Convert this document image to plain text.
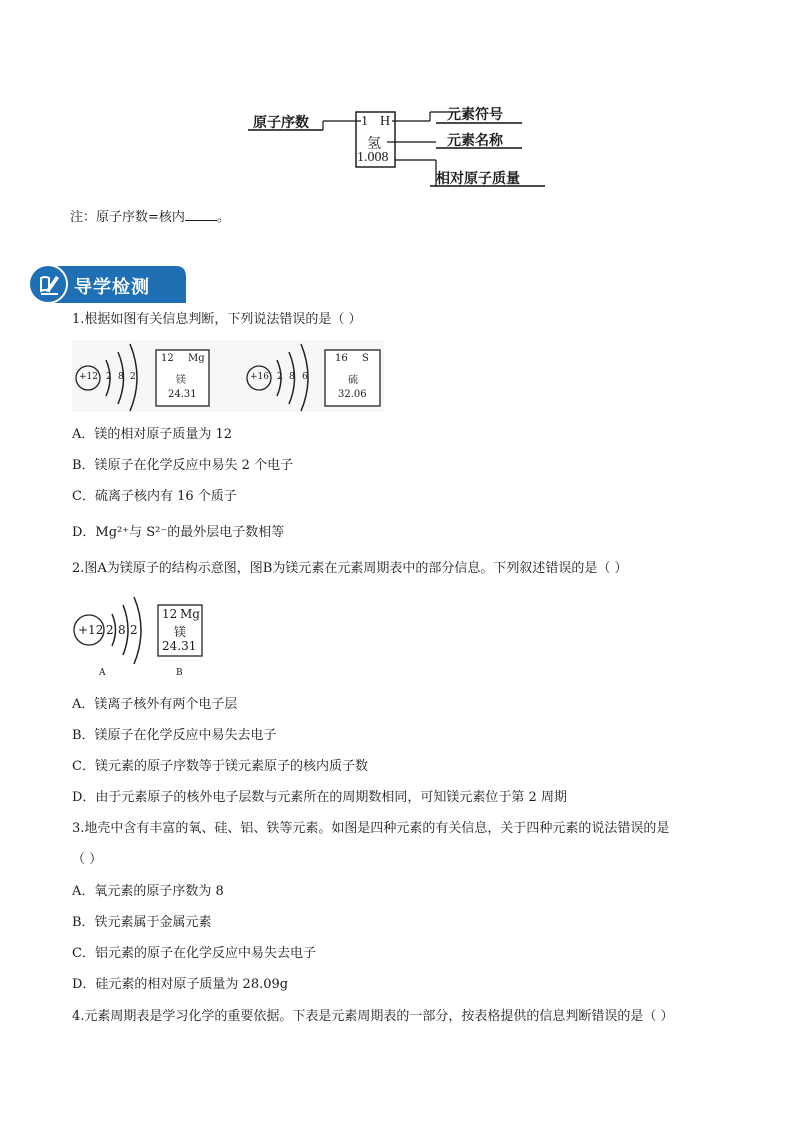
原子序数	1 H
氢
1.008
元素符号
元素名称
相对原子质量
注：原子序数=核内 。
导学检测
1.根据如图有关信息判断，下列说法错误的是（ ）
+12 2 8 2
12 Mg
镁
24.31
+16 2 8 6
16 S
硫
32.06
A．镁的相对原子质量为 12
B．镁原子在化学反应中易失 2 个电子
C．硫离子核内有 16 个质子
D．Mg²⁺与 S²⁻的最外层电子数相等
2.图A为镁原子的结构示意图，图B为镁元素在元素周期表中的部分信息。下列叙述错误的是（ ）
+12 2 8 2
12 Mg
镁
24.31
A	B
A．镁离子核外有两个电子层
B．镁原子在化学反应中易失去电子
C．镁元素的原子序数等于镁元素原子的核内质子数
D．由于元素原子的核外电子层数与元素所在的周期数相同，可知镁元素位于第 2 周期
3.地壳中含有丰富的氧、硅、铝、铁等元素。如图是四种元素的有关信息，关于四种元素的说法错误的是
（ ）
A．氧元素的原子序数为 8
B．铁元素属于金属元素
C．铝元素的原子在化学反应中易失去电子
D．硅元素的相对原子质量为 28.09g
4.元素周期表是学习化学的重要依据。下表是元素周期表的一部分，按表格提供的信息判断错误的是（ ）
